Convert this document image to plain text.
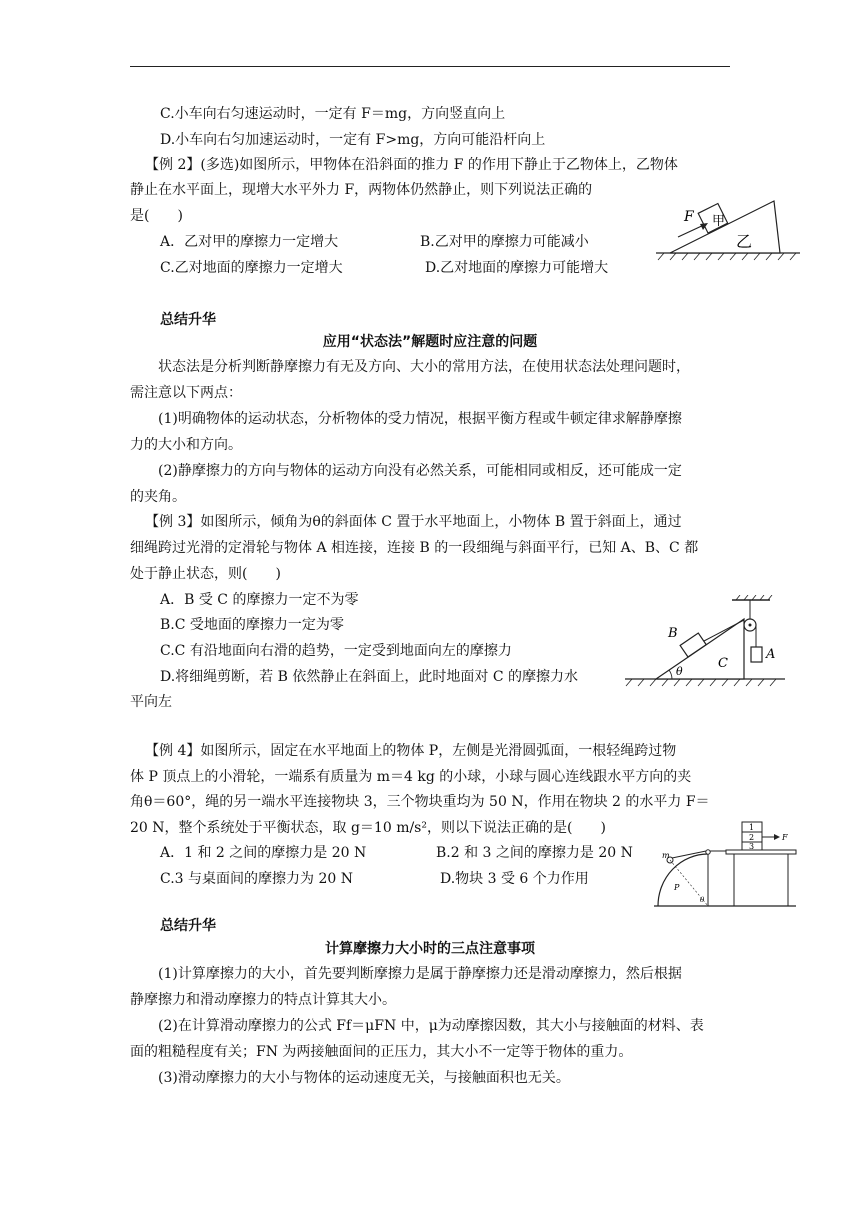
C.小车向右匀速运动时，一定有 F＝mg，方向竖直向上
D.小车向右匀加速运动时，一定有 F>mg，方向可能沿杆向上
【例 2】(多选)如图所示，甲物体在沿斜面的推力 F 的作用下静止于乙物体上，乙物体
静止在水平面上，现增大水平外力 F，两物体仍然静止，则下列说法正确的
是(　　)
A．乙对甲的摩擦力一定增大	B.乙对甲的摩擦力可能减小
C.乙对地面的摩擦力一定增大	D.乙对地面的摩擦力可能增大
F 甲
乙
总结升华
应用“状态法”解题时应注意的问题
状态法是分析判断静摩擦力有无及方向、大小的常用方法，在使用状态法处理问题时，
需注意以下两点：
(1)明确物体的运动状态，分析物体的受力情况，根据平衡方程或牛顿定律求解静摩擦
力的大小和方向。
(2)静摩擦力的方向与物体的运动方向没有必然关系，可能相同或相反，还可能成一定
的夹角。
【例 3】如图所示，倾角为θ的斜面体 C 置于水平地面上，小物体 B 置于斜面上，通过
细绳跨过光滑的定滑轮与物体 A 相连接，连接 B 的一段细绳与斜面平行，已知 A、B、C 都
处于静止状态，则(　　)
A．B 受 C 的摩擦力一定不为零
B.C 受地面的摩擦力一定为零
C.C 有沿地面向右滑的趋势，一定受到地面向左的摩擦力
D.将细绳剪断，若 B 依然静止在斜面上，此时地面对 C 的摩擦力水
平向左
B
C
A
θ
【例 4】如图所示，固定在水平地面上的物体 P，左侧是光滑圆弧面，一根轻绳跨过物
体 P 顶点上的小滑轮，一端系有质量为 m＝4 kg 的小球，小球与圆心连线跟水平方向的夹
角θ＝60°，绳的另一端水平连接物块 3，三个物块重均为 50 N，作用在物块 2 的水平力 F＝
20 N，整个系统处于平衡状态，取 g＝10 m/s²，则以下说法正确的是(　　)
A．1 和 2 之间的摩擦力是 20 N	B.2 和 3 之间的摩擦力是 20 N
C.3 与桌面间的摩擦力为 20 N	D.物块 3 受 6 个力作用
m
P
θ
1
2
3
F
总结升华
计算摩擦力大小时的三点注意事项
(1)计算摩擦力的大小，首先要判断摩擦力是属于静摩擦力还是滑动摩擦力，然后根据
静摩擦力和滑动摩擦力的特点计算其大小。
(2)在计算滑动摩擦力的公式 Ff＝μFN 中，μ为动摩擦因数，其大小与接触面的材料、表
面的粗糙程度有关；FN 为两接触面间的正压力，其大小不一定等于物体的重力。
(3)滑动摩擦力的大小与物体的运动速度无关，与接触面积也无关。
